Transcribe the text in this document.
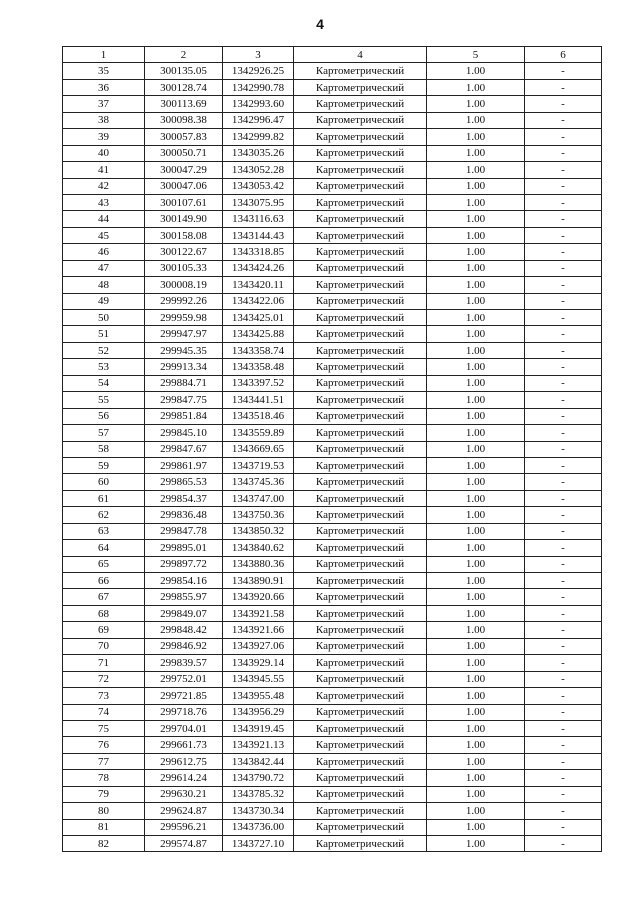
4
1	2	3	4	5	6
35	300135.05	1342926.25	Картометрический	1.00	-
36	300128.74	1342990.78	Картометрический	1.00	-
37	300113.69	1342993.60	Картометрический	1.00	-
38	300098.38	1342996.47	Картометрический	1.00	-
39	300057.83	1342999.82	Картометрический	1.00	-
40	300050.71	1343035.26	Картометрический	1.00	-
41	300047.29	1343052.28	Картометрический	1.00	-
42	300047.06	1343053.42	Картометрический	1.00	-
43	300107.61	1343075.95	Картометрический	1.00	-
44	300149.90	1343116.63	Картометрический	1.00	-
45	300158.08	1343144.43	Картометрический	1.00	-
46	300122.67	1343318.85	Картометрический	1.00	-
47	300105.33	1343424.26	Картометрический	1.00	-
48	300008.19	1343420.11	Картометрический	1.00	-
49	299992.26	1343422.06	Картометрический	1.00	-
50	299959.98	1343425.01	Картометрический	1.00	-
51	299947.97	1343425.88	Картометрический	1.00	-
52	299945.35	1343358.74	Картометрический	1.00	-
53	299913.34	1343358.48	Картометрический	1.00	-
54	299884.71	1343397.52	Картометрический	1.00	-
55	299847.75	1343441.51	Картометрический	1.00	-
56	299851.84	1343518.46	Картометрический	1.00	-
57	299845.10	1343559.89	Картометрический	1.00	-
58	299847.67	1343669.65	Картометрический	1.00	-
59	299861.97	1343719.53	Картометрический	1.00	-
60	299865.53	1343745.36	Картометрический	1.00	-
61	299854.37	1343747.00	Картометрический	1.00	-
62	299836.48	1343750.36	Картометрический	1.00	-
63	299847.78	1343850.32	Картометрический	1.00	-
64	299895.01	1343840.62	Картометрический	1.00	-
65	299897.72	1343880.36	Картометрический	1.00	-
66	299854.16	1343890.91	Картометрический	1.00	-
67	299855.97	1343920.66	Картометрический	1.00	-
68	299849.07	1343921.58	Картометрический	1.00	-
69	299848.42	1343921.66	Картометрический	1.00	-
70	299846.92	1343927.06	Картометрический	1.00	-
71	299839.57	1343929.14	Картометрический	1.00	-
72	299752.01	1343945.55	Картометрический	1.00	-
73	299721.85	1343955.48	Картометрический	1.00	-
74	299718.76	1343956.29	Картометрический	1.00	-
75	299704.01	1343919.45	Картометрический	1.00	-
76	299661.73	1343921.13	Картометрический	1.00	-
77	299612.75	1343842.44	Картометрический	1.00	-
78	299614.24	1343790.72	Картометрический	1.00	-
79	299630.21	1343785.32	Картометрический	1.00	-
80	299624.87	1343730.34	Картометрический	1.00	-
81	299596.21	1343736.00	Картометрический	1.00	-
82	299574.87	1343727.10	Картометрический	1.00	-
